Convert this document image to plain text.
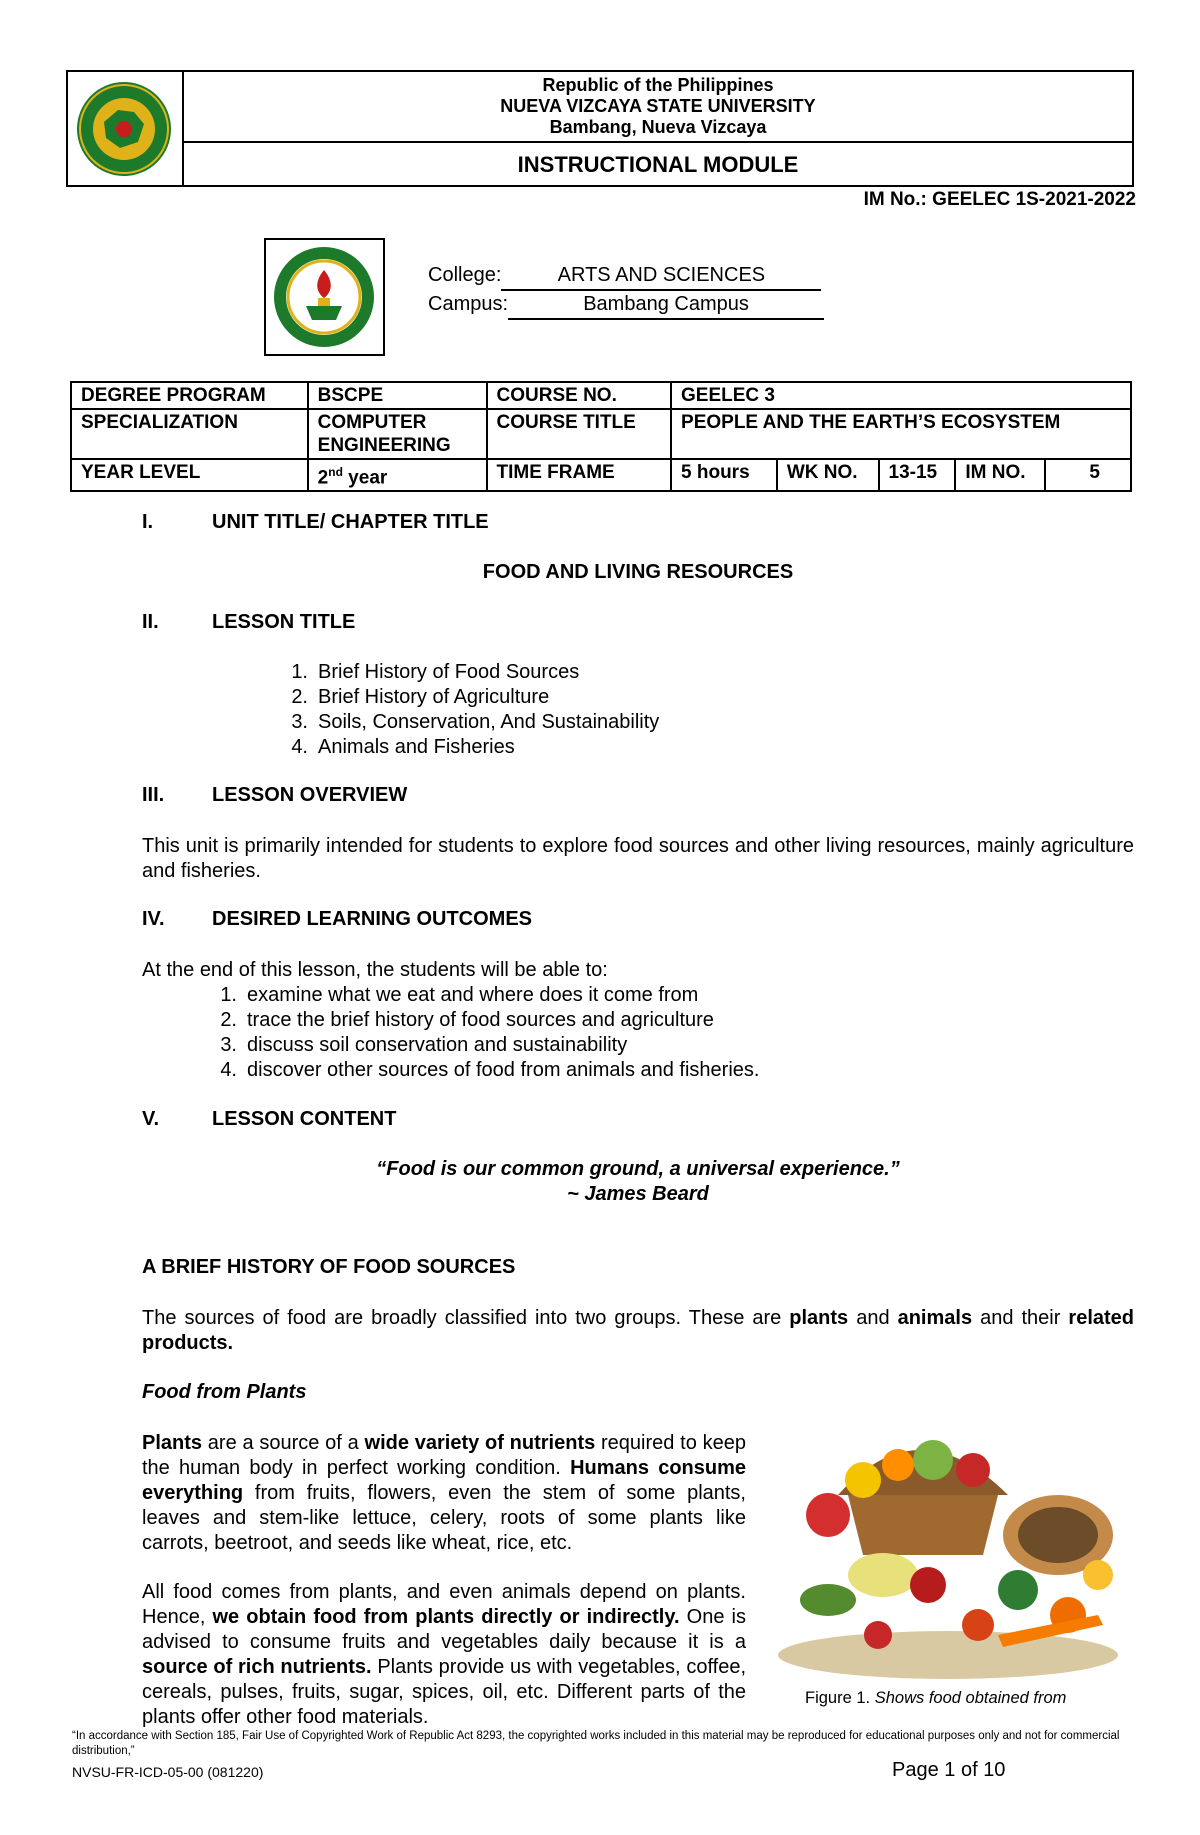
Republic of the Philippines
NUEVA VIZCAYA STATE UNIVERSITY
Bambang, Nueva Vizcaya
INSTRUCTIONAL MODULE
IM No.: GEELEC 1S-2021-2022
College:	ARTS AND SCIENCES
Campus:	Bambang Campus
DEGREE PROGRAM	BSCPE	COURSE NO.	GEELEC 3				
SPECIALIZATION	COMPUTER ENGINEERING	COURSE TITLE	PEOPLE AND THE EARTH’S ECOSYSTEM				
YEAR LEVEL	2nd year	TIME FRAME	5 hours	WK NO.	13-15	IM NO.	5
I.	UNIT TITLE/ CHAPTER TITLE
FOOD AND LIVING RESOURCES
II.	LESSON TITLE
1. Brief History of Food Sources
2. Brief History of Agriculture
3. Soils, Conservation, And Sustainability
4. Animals and Fisheries
III. LESSON OVERVIEW
This unit is primarily intended for students to explore food sources and other living resources, mainly agriculture and fisheries.
IV. DESIRED LEARNING OUTCOMES
At the end of this lesson, the students will be able to:
1. examine what we eat and where does it come from
2. trace the brief history of food sources and agriculture
3. discuss soil conservation and sustainability
4. discover other sources of food from animals and fisheries.
V.	LESSON CONTENT
“Food is our common ground, a universal experience.”
~ James Beard
A BRIEF HISTORY OF FOOD SOURCES
The sources of food are broadly classified into two groups. These are plants and animals and their related products.
Food from Plants
Plants are a source of a wide variety of nutrients required to keep the human body in perfect working condition. Humans consume everything from fruits, flowers, even the stem of some plants, leaves and stem-like lettuce, celery, roots of some plants like carrots, beetroot, and seeds like wheat, rice, etc.
All food comes from plants, and even animals depend on plants. Hence, we obtain food from plants directly or indirectly. One is advised to consume fruits and vegetables daily because it is a source of rich nutrients. Plants provide us with vegetables, coffee, cereals, pulses, fruits, sugar, spices, oil, etc. Different parts of the plants offer other food materials.
Figure 1. Shows food obtained from
“In accordance with Section 185, Fair Use of Copyrighted Work of Republic Act 8293, the copyrighted works included in this material may be reproduced for educational purposes only and not for commercial distribution,”
NVSU-FR-ICD-05-00 (081220)	Page 1 of 10
